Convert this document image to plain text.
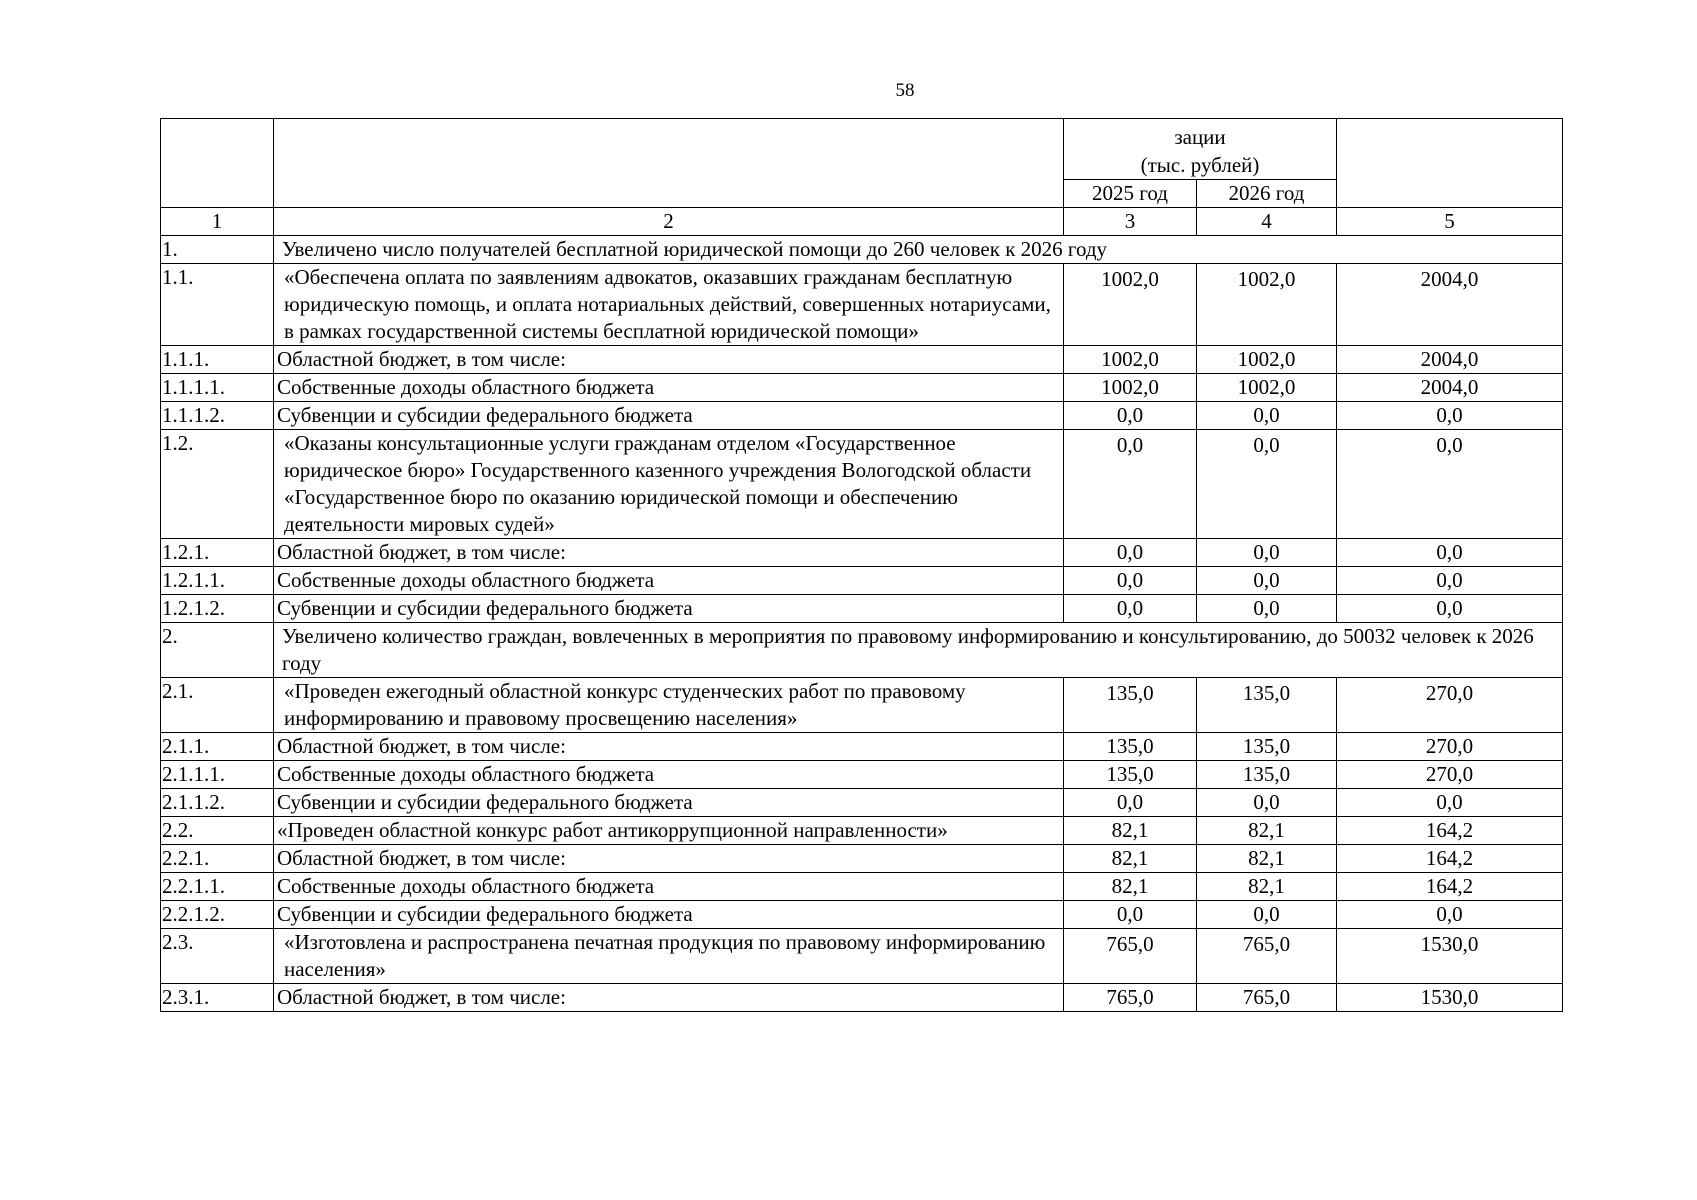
58

		зации
(тыс. рублей)		

		2025 год	2026 год	
1	2	3	4	5
1.	Увеличено число получателей бесплатной юридической помощи до 260 человек к 2026 году			
1.1.	«Обеспечена оплата по заявлениям адвокатов, оказавших гражданам бесплатную юридическую помощь, и оплата нотариальных действий, совершенных нотариусами, в рамках государственной системы бесплатной юридической помощи»	1002,0	1002,0	2004,0
1.1.1.	Областной бюджет, в том числе:	1002,0	1002,0	2004,0
1.1.1.1.	Собственные доходы областного бюджета	1002,0	1002,0	2004,0
1.1.1.2.	Субвенции и субсидии федерального бюджета	0,0	0,0	0,0
1.2.	«Оказаны консультационные услуги гражданам отделом «Государственное юридическое бюро» Государственного казенного учреждения Вологодской области «Государственное бюро по оказанию юридической помощи и обеспечению деятельности мировых судей»	0,0	0,0	0,0
1.2.1.	Областной бюджет, в том числе:	0,0	0,0	0,0
1.2.1.1.	Собственные доходы областного бюджета	0,0	0,0	0,0
1.2.1.2.	Субвенции и субсидии федерального бюджета	0,0	0,0	0,0
2.	Увеличено количество граждан, вовлеченных в мероприятия по правовому информированию и консультированию, до 50032 человек к 2026 году			
2.1.	«Проведен ежегодный областной конкурс студенческих работ по правовому информированию и правовому просвещению населения»	135,0	135,0	270,0
2.1.1.	Областной бюджет, в том числе:	135,0	135,0	270,0
2.1.1.1.	Собственные доходы областного бюджета	135,0	135,0	270,0
2.1.1.2.	Субвенции и субсидии федерального бюджета	0,0	0,0	0,0
2.2.	«Проведен областной конкурс работ антикоррупционной направленности»	82,1	82,1	164,2
2.2.1.	Областной бюджет, в том числе:	82,1	82,1	164,2
2.2.1.1.	Собственные доходы областного бюджета	82,1	82,1	164,2
2.2.1.2.	Субвенции и субсидии федерального бюджета	0,0	0,0	0,0
2.3.	«Изготовлена и распространена печатная продукция по правовому информированию населения»	765,0	765,0	1530,0
2.3.1.	Областной бюджет, в том числе:	765,0	765,0	1530,0
